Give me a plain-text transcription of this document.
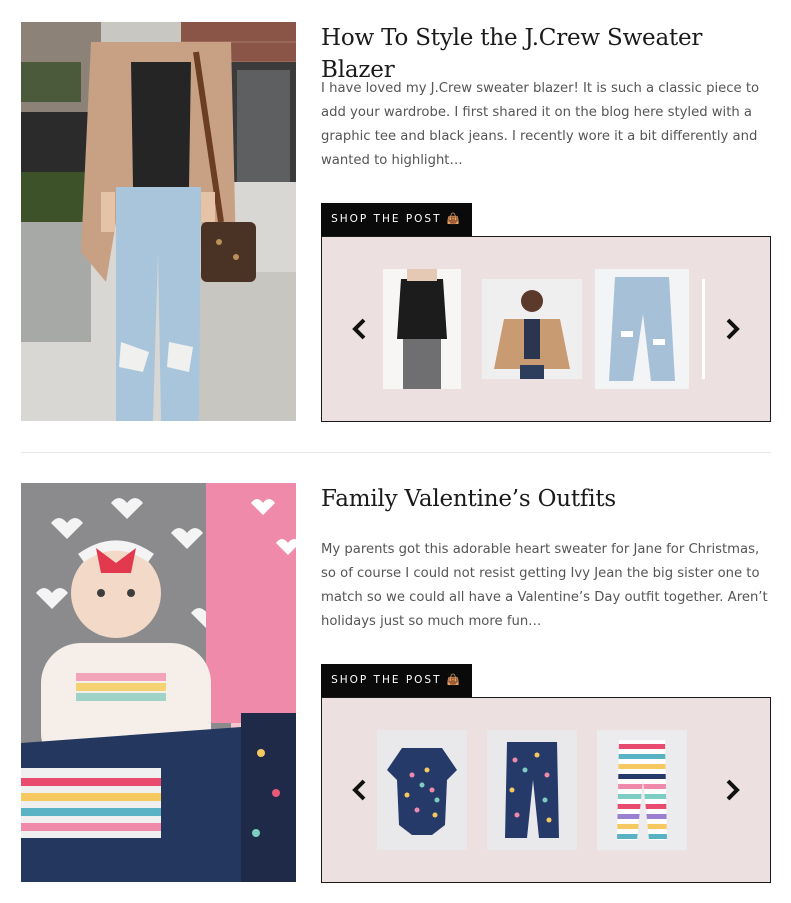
How To Style the J.Crew Sweater Blazer

I have loved my J.Crew sweater blazer! It is such a classic piece to add your wardrobe. I first shared it on the blog here styled with a graphic tee and black jeans. I recently wore it a bit differently and wanted to highlight…

SHOP THE POST 👜
Family Valentine’s Outfits

My parents got this adorable heart sweater for Jane for Christmas, so of course I could not resist getting Ivy Jean the big sister one to match so we could all have a Valentine’s Day outfit together. Aren’t holidays just so much more fun…

SHOP THE POST 👜
